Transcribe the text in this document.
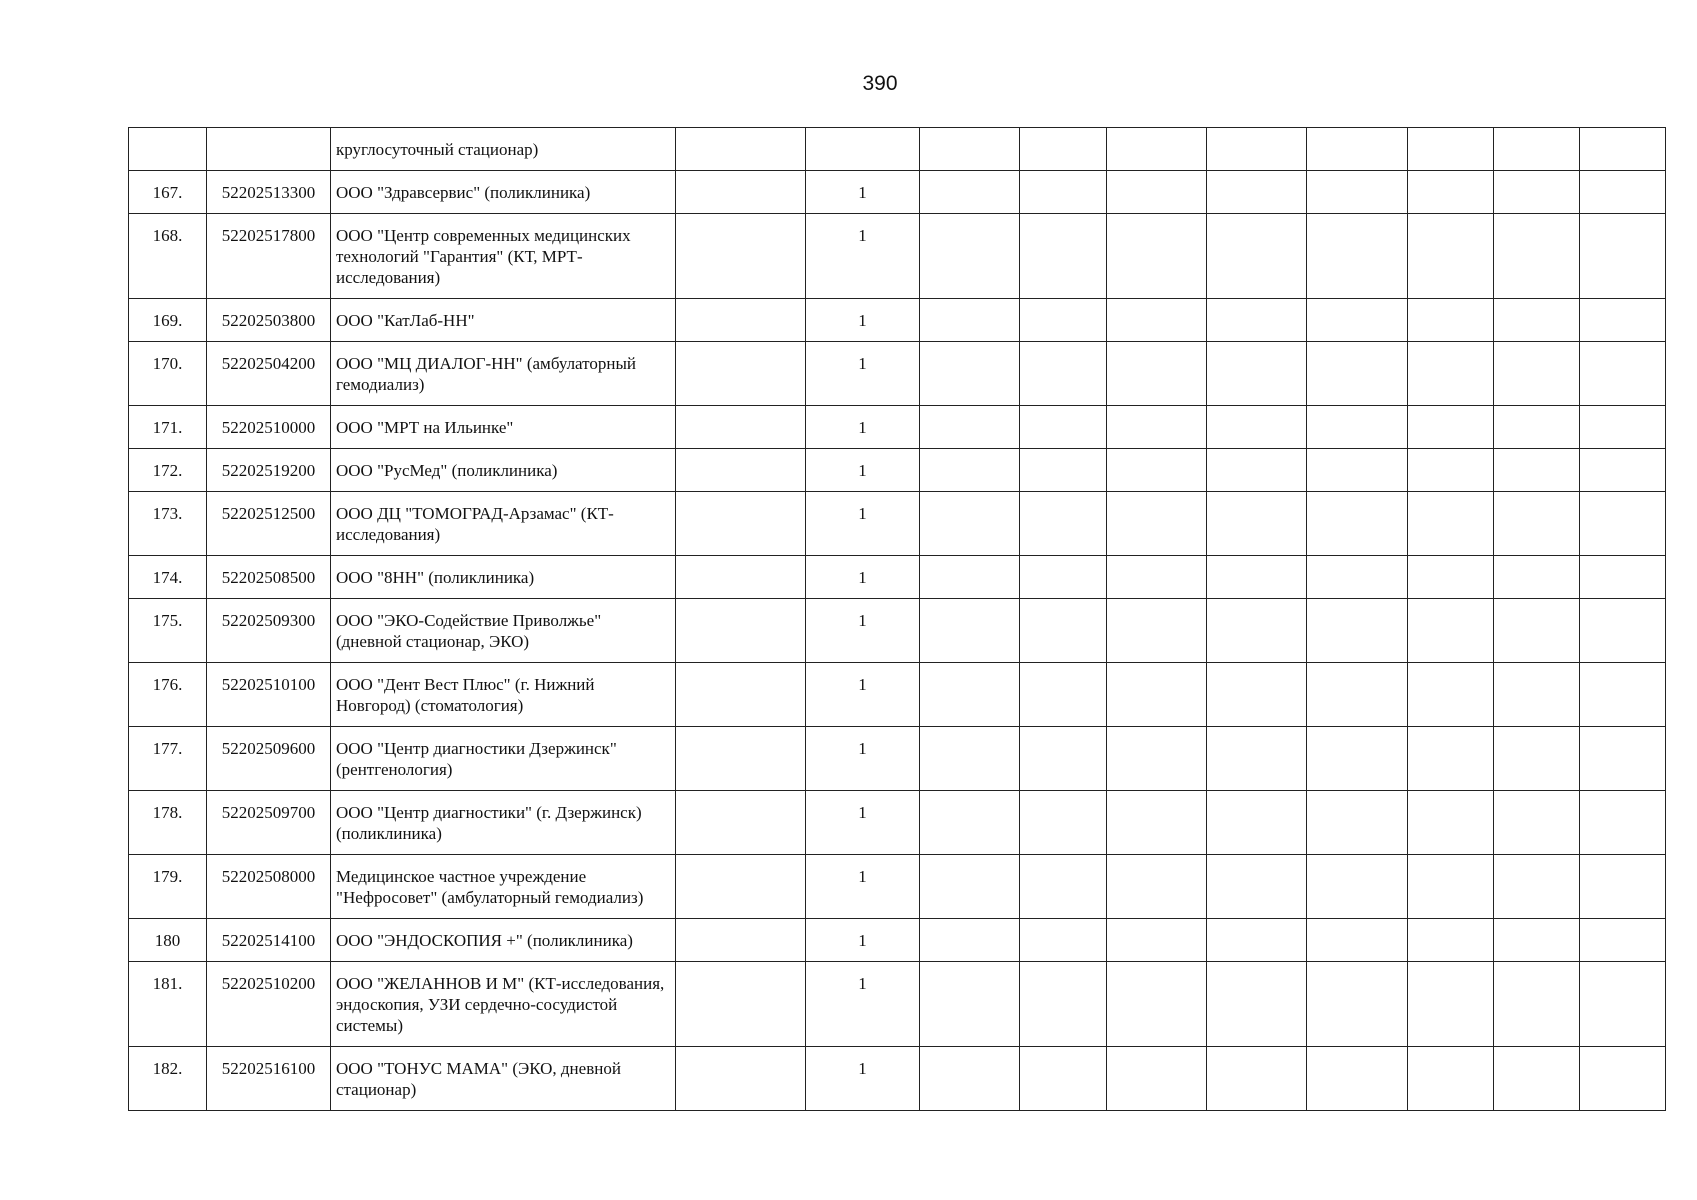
390
		круглосуточный стационар)										
167.	52202513300	ООО "Здравсервис" (поликлиника)		1								
168.	52202517800	ООО "Центр современных медицинских технологий "Гарантия" (КТ, МРТ-исследования)		1								
169.	52202503800	ООО "КатЛаб-НН"		1								
170.	52202504200	ООО "МЦ ДИАЛОГ-НН" (амбулаторный гемодиализ)		1								
171.	52202510000	ООО "МРТ на Ильинке"		1								
172.	52202519200	ООО "РусМед" (поликлиника)		1								
173.	52202512500	ООО ДЦ "ТОМОГРАД-Арзамас" (КТ-исследования)		1								
174.	52202508500	ООО "8НН" (поликлиника)		1								
175.	52202509300	ООО "ЭКО-Содействие Приволжье" (дневной стационар, ЭКО)		1								
176.	52202510100	ООО "Дент Вест Плюс" (г. Нижний Новгород) (стоматология)		1								
177.	52202509600	ООО "Центр диагностики Дзержинск" (рентгенология)		1								
178.	52202509700	ООО "Центр диагностики" (г. Дзержинск) (поликлиника)		1								
179.	52202508000	Медицинское частное учреждение "Нефросовет" (амбулаторный гемодиализ)		1								
180	52202514100	ООО "ЭНДОСКОПИЯ +" (поликлиника)		1								
181.	52202510200	ООО "ЖЕЛАННОВ И М" (КТ-исследования, эндоскопия, УЗИ сердечно-сосудистой системы)		1								
182.	52202516100	ООО "ТОНУС МАМА" (ЭКО, дневной стационар)		1								
